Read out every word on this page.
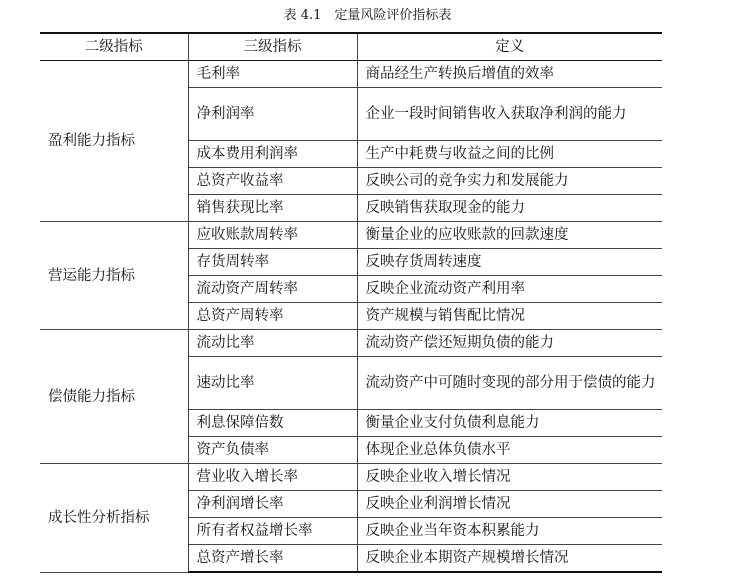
表 4.1　定量风险评价指标表
二级指标	三级指标	定义
盈利能力指标	毛利率	商品经生产转换后增值的效率
	净利润率	企业一段时间销售收入获取净利润的能力
	成本费用利润率	生产中耗费与收益之间的比例
	总资产收益率	反映公司的竞争实力和发展能力
	销售获现比率	反映销售获取现金的能力
营运能力指标	应收账款周转率	衡量企业的应收账款的回款速度
	存货周转率	反映存货周转速度
	流动资产周转率	反映企业流动资产利用率
	总资产周转率	资产规模与销售配比情况
偿债能力指标	流动比率	流动资产偿还短期负债的能力
	速动比率	流动资产中可随时变现的部分用于偿债的能力
	利息保障倍数	衡量企业支付负债利息能力
	资产负债率	体现企业总体负债水平
成长性分析指标	营业收入增长率	反映企业收入增长情况
	净利润增长率	反映企业利润增长情况
	所有者权益增长率	反映企业当年资本积累能力
	总资产增长率	反映企业本期资产规模增长情况
